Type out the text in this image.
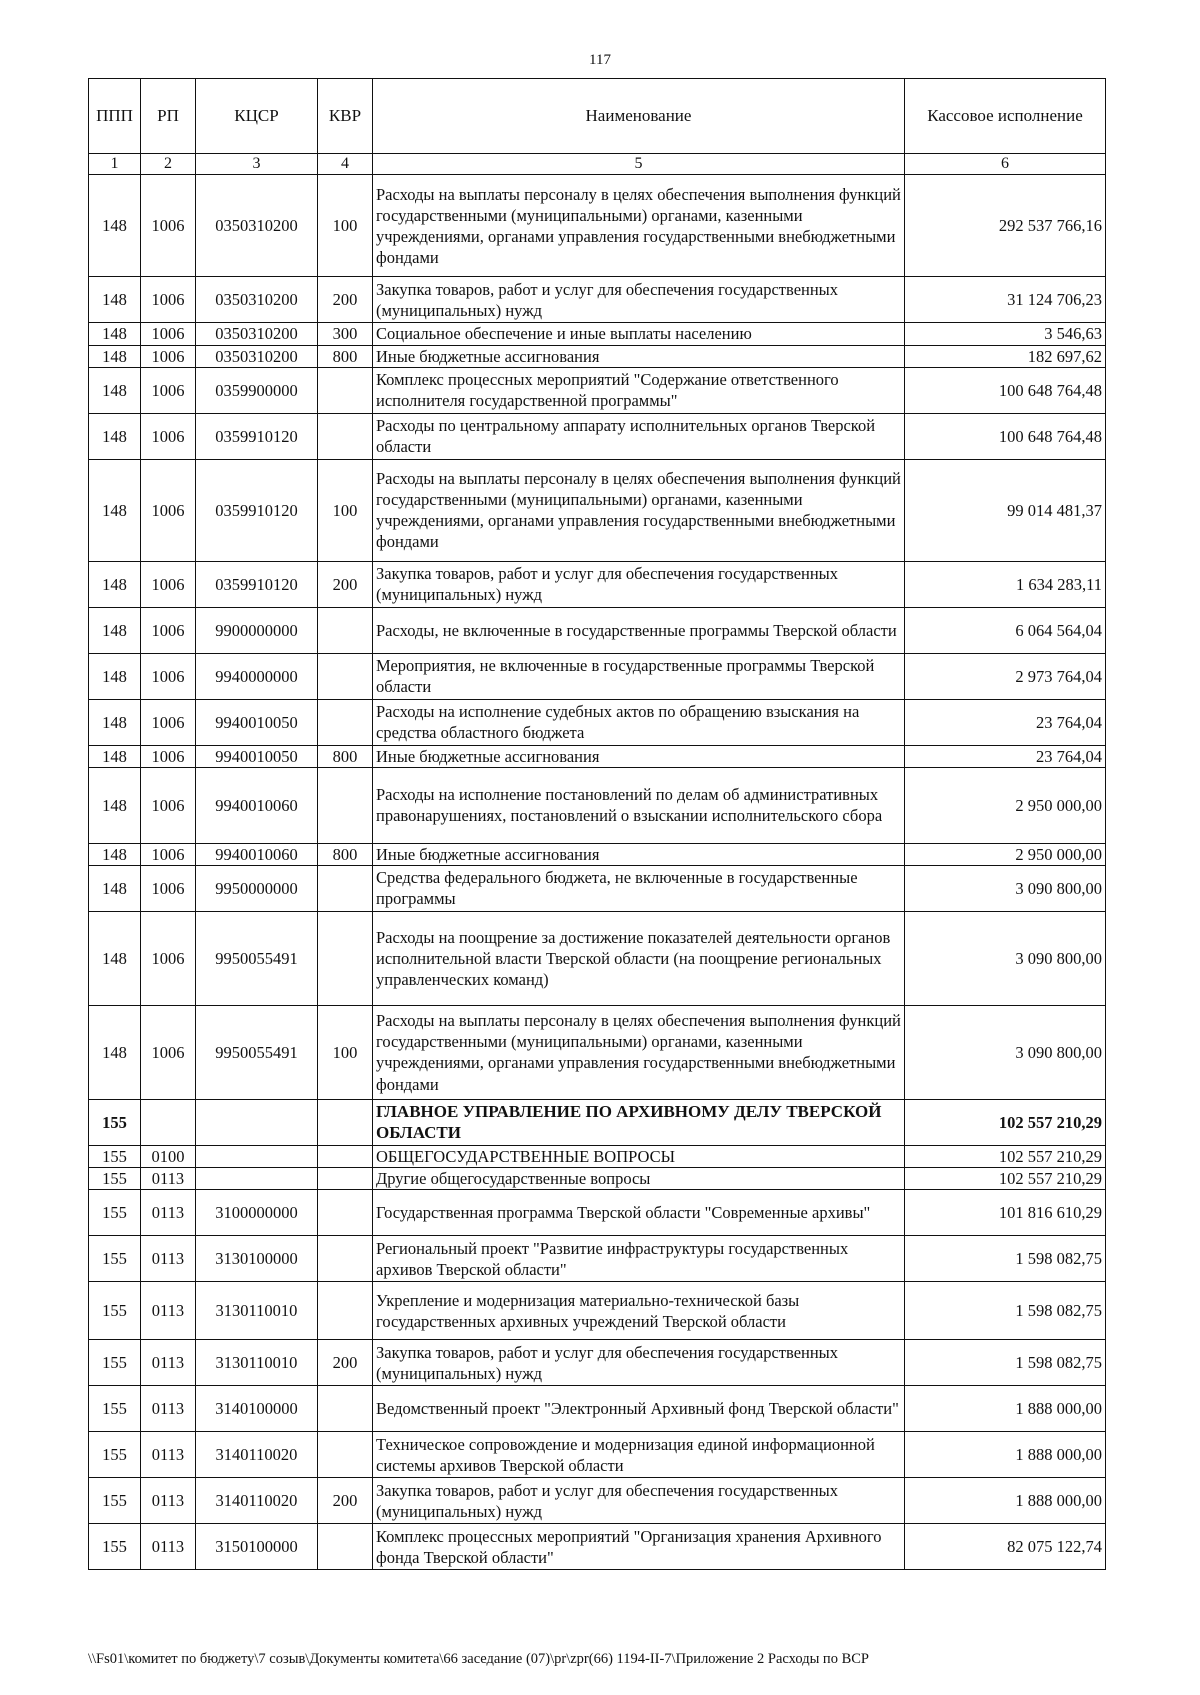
117
ППП	РП	КЦСР	КВР	Наименование	Кассовое исполнение
1	2	3	4	5	6
148	1006	0350310200	100	Расходы на выплаты персоналу в целях обеспечения выполнения функций государственными (муниципальными) органами, казенными учреждениями, органами управления государственными внебюджетными фондами	292 537 766,16
148	1006	0350310200	200	Закупка товаров, работ и услуг для обеспечения государственных (муниципальных) нужд	31 124 706,23
148	1006	0350310200	300	Социальное обеспечение и иные выплаты населению	3 546,63
148	1006	0350310200	800	Иные бюджетные ассигнования	182 697,62
148	1006	0359900000		Комплекс процессных мероприятий "Содержание ответственного исполнителя государственной программы"	100 648 764,48
148	1006	0359910120		Расходы по центральному аппарату исполнительных органов Тверской области	100 648 764,48
148	1006	0359910120	100	Расходы на выплаты персоналу в целях обеспечения выполнения функций государственными (муниципальными) органами, казенными учреждениями, органами управления государственными внебюджетными фондами	99 014 481,37
148	1006	0359910120	200	Закупка товаров, работ и услуг для обеспечения государственных (муниципальных) нужд	1 634 283,11
148	1006	9900000000		Расходы, не включенные в государственные программы Тверской области	6 064 564,04
148	1006	9940000000		Мероприятия, не включенные в государственные программы Тверской области	2 973 764,04
148	1006	9940010050		Расходы на исполнение судебных актов по обращению взыскания на средства областного бюджета	23 764,04
148	1006	9940010050	800	Иные бюджетные ассигнования	23 764,04
148	1006	9940010060		Расходы на исполнение постановлений по делам об административных правонарушениях, постановлений о взыскании исполнительского сбора	2 950 000,00
148	1006	9940010060	800	Иные бюджетные ассигнования	2 950 000,00
148	1006	9950000000		Средства федерального бюджета, не включенные в государственные программы	3 090 800,00
148	1006	9950055491		Расходы на поощрение за достижение показателей деятельности органов исполнительной власти Тверской области (на поощрение региональных управленческих команд)	3 090 800,00
148	1006	9950055491	100	Расходы на выплаты персоналу в целях обеспечения выполнения функций государственными (муниципальными) органами, казенными учреждениями, органами управления государственными внебюджетными фондами	3 090 800,00
155				ГЛАВНОЕ УПРАВЛЕНИЕ ПО АРХИВНОМУ ДЕЛУ ТВЕРСКОЙ ОБЛАСТИ	102 557 210,29
155	0100			ОБЩЕГОСУДАРСТВЕННЫЕ ВОПРОСЫ	102 557 210,29
155	0113			Другие общегосударственные вопросы	102 557 210,29
155	0113	3100000000		Государственная программа Тверской области "Современные архивы"	101 816 610,29
155	0113	3130100000		Региональный проект "Развитие инфраструктуры государственных архивов Тверской области"	1 598 082,75
155	0113	3130110010		Укрепление и модернизация материально-технической базы государственных архивных учреждений Тверской области	1 598 082,75
155	0113	3130110010	200	Закупка товаров, работ и услуг для обеспечения государственных (муниципальных) нужд	1 598 082,75
155	0113	3140100000		Ведомственный проект "Электронный Архивный фонд Тверской области"	1 888 000,00
155	0113	3140110020		Техническое сопровождение и модернизация единой информационной системы архивов Тверской области	1 888 000,00
155	0113	3140110020	200	Закупка товаров, работ и услуг для обеспечения государственных (муниципальных) нужд	1 888 000,00
155	0113	3150100000		Комплекс процессных мероприятий "Организация хранения Архивного фонда Тверской области"	82 075 122,74
\\Fs01\комитет по бюджету\7 созыв\Документы комитета\66 заседание (07)\pr\zpr(66) 1194-II-7\Приложение 2 Расходы по ВСР
